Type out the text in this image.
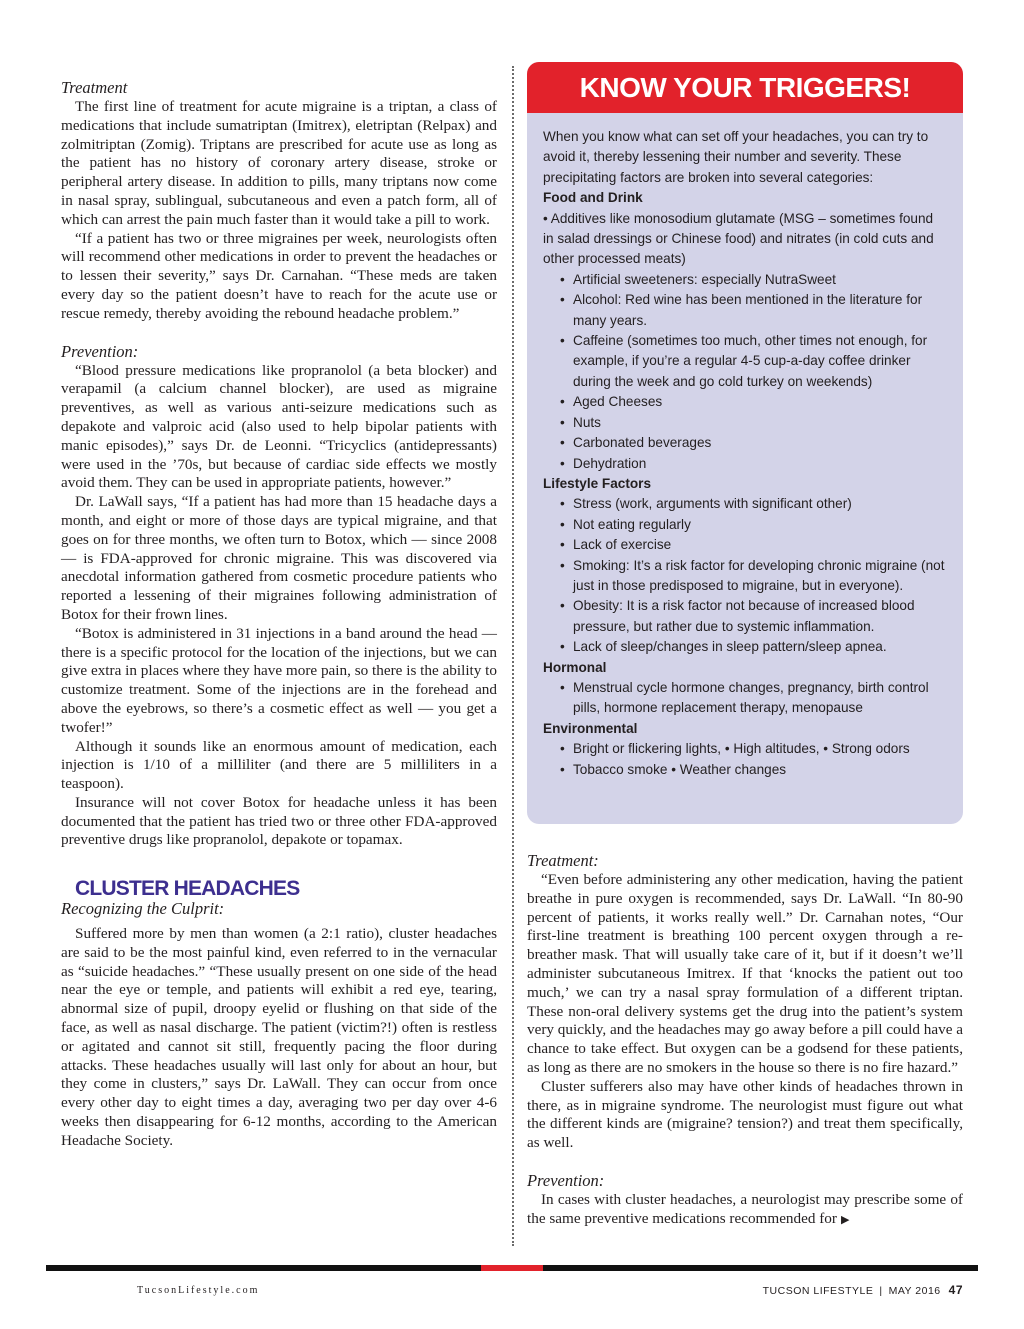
Treatment

The first line of treatment for acute migraine is a triptan, a class of medications that include sumatriptan (Imitrex), eletriptan (Relpax) and zolmitriptan (Zomig). Triptans are prescribed for acute use as long as the patient has no history of coronary artery disease, stroke or peripheral artery disease. In addition to pills, many triptans now come in nasal spray, sublingual, subcutaneous and even a patch form, all of which can arrest the pain much faster than it would take a pill to work.

“If a patient has two or three migraines per week, neurologists often will recommend other medications in order to prevent the headaches or to lessen their severity,” says Dr. Carnahan. “These meds are taken every day so the patient doesn’t have to reach for the acute use or rescue remedy, thereby avoiding the rebound headache problem.”

Prevention:

“Blood pressure medications like propranolol (a beta blocker) and verapamil (a calcium channel blocker), are used as migraine preventives, as well as various anti-seizure medications such as depakote and valproic acid (also used to help bipolar patients with manic episodes),” says Dr. de Leonni. “Tricyclics (antidepressants) were used in the ’70s, but because of cardiac side effects we mostly avoid them. They can be used in appropriate patients, however.”

Dr. LaWall says, “If a patient has had more than 15 headache days a month, and eight or more of those days are typical migraine, and that goes on for three months, we often turn to Botox, which — since 2008 — is FDA-approved for chronic migraine. This was discovered via anecdotal information gathered from cosmetic procedure patients who reported a lessening of their migraines following administration of Botox for their frown lines.

“Botox is administered in 31 injections in a band around the head — there is a specific protocol for the location of the injections, but we can give extra in places where they have more pain, so there is the ability to customize treatment. Some of the injections are in the forehead and above the eyebrows, so there’s a cosmetic effect as well — you get a twofer!”

Although it sounds like an enormous amount of medication, each injection is 1/10 of a milliliter (and there are 5 milliliters in a teaspoon).

Insurance will not cover Botox for headache unless it has been documented that the patient has tried two or three other FDA-approved preventive drugs like propranolol, depakote or topamax.

CLUSTER HEADACHES

Recognizing the Culprit:

Suffered more by men than women (a 2:1 ratio), cluster headaches are said to be the most painful kind, even referred to in the vernacular as “suicide headaches.” “These usually present on one side of the head near the eye or temple, and patients will exhibit a red eye, tearing, abnormal size of pupil, droopy eyelid or flushing on that side of the face, as well as nasal discharge. The patient (victim?!) often is restless or agitated and cannot sit still, frequently pacing the floor during attacks. These headaches usually will last only for about an hour, but they come in clusters,” says Dr. LaWall. They can occur from once every other day to eight times a day, averaging two per day over 4-6 weeks then disappearing for 6-12 months, according to the American Headache Society.

KNOW YOUR TRIGGERS!

When you know what can set off your headaches, you can try to avoid it, thereby lessening their number and severity. These precipitating factors are broken into several categories:

Food and Drink

• Additives like monosodium glutamate (MSG – sometimes found in salad dressings or Chinese food) and nitrates (in cold cuts and other processed meats)

• Artificial sweeteners: especially NutraSweet
• Alcohol: Red wine has been mentioned in the literature for many years.
• Caffeine (sometimes too much, other times not enough, for example, if you’re a regular 4-5 cup-a-day coffee drinker during the week and go cold turkey on weekends)
• Aged Cheeses
• Nuts
• Carbonated beverages
• Dehydration

Lifestyle Factors

• Stress (work, arguments with significant other)
• Not eating regularly
• Lack of exercise
• Smoking: It’s a risk factor for developing chronic migraine (not just in those predisposed to migraine, but in everyone).
• Obesity: It is a risk factor not because of increased blood pressure, but rather due to systemic inflammation.
• Lack of sleep/changes in sleep pattern/sleep apnea.

Hormonal

• Menstrual cycle hormone changes, pregnancy, birth control pills, hormone replacement therapy, menopause

Environmental

• Bright or flickering lights, • High altitudes, • Strong odors
• Tobacco smoke • Weather changes

Treatment:

“Even before administering any other medication, having the patient breathe in pure oxygen is recommended, says Dr. LaWall. “In 80-90 percent of patients, it works really well.” Dr. Carnahan notes, “Our first-line treatment is breathing 100 percent oxygen through a re-breather mask. That will usually take care of it, but if it doesn’t we’ll administer subcutaneous Imitrex. If that ‘knocks the patient out too much,’ we can try a nasal spray formulation of a different triptan. These non-oral delivery systems get the drug into the patient’s system very quickly, and the headaches may go away before a pill could have a chance to take effect. But oxygen can be a godsend for these patients, as long as there are no smokers in the house so there is no fire hazard.”

Cluster sufferers also may have other kinds of headaches thrown in there, as in migraine syndrome. The neurologist must figure out what the different kinds are (migraine? tension?) and treat them specifically, as well.

Prevention:

In cases with cluster headaches, a neurologist may prescribe some of the same preventive medications recommended for ▶

TucsonLifestyle.com	TUCSON LIFESTYLE | MAY 2016 47
